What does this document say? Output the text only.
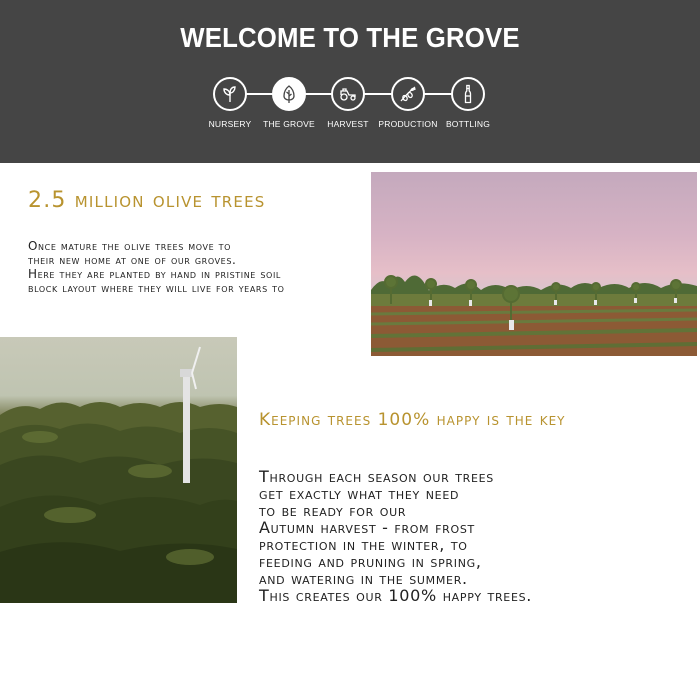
WELCOME TO THE GROVE
NURSERY	THE GROVE	HARVEST	PRODUCTION BOTTLING
2.5 million olive trees
Once mature the olive trees move to
their new home at one of our groves.
Here they are planted by hand in pristine soil
block layout where they will live for years to
Keeping trees 100% happy is the key
Through each season our trees
get exactly what they need
to be ready for our
Autumn harvest - from frost
protection in the winter, to
feeding and pruning in spring,
and watering in the summer.
This creates our 100% happy trees.
